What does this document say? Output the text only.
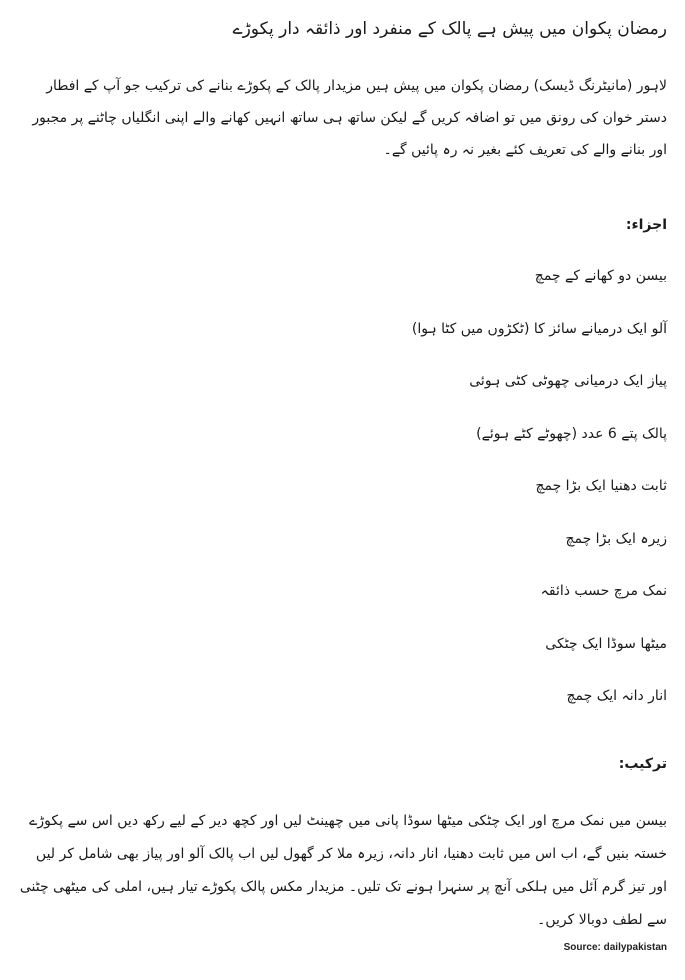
رمضان پکوان میں پیش ہے پالک کے منفرد اور ذائقہ دار پکوڑے

لاہور (مانیٹرنگ ڈیسک) رمضان پکوان میں پیش ہیں مزیدار پالک کے پکوڑے بنانے کی ترکیب جو آپ کے افطار دستر خوان کی رونق میں تو اضافہ کریں گے لیکن ساتھ ہی ساتھ انہیں کھانے والے اپنی انگلیاں چاٹنے پر مجبور اور بنانے والے کی تعریف کئے بغیر نہ رہ پائیں گے۔

اجزاء:
بیسن دو کھانے کے چمچ
آلو ایک درمیانے سائز کا (ٹکڑوں میں کٹا ہوا)
پیاز ایک درمیانی چھوٹی کٹی ہوئی
پالک پتے 6 عدد (چھوٹے کٹے ہوئے)
ثابت دھنیا ایک بڑا چمچ
زیرہ ایک بڑا چمچ
نمک مرچ حسب ذائقہ
میٹھا سوڈا ایک چٹکی
انار دانہ ایک چمچ
ترکیب:

بیسن میں نمک مرچ اور ایک چٹکی میٹھا سوڈا پانی میں چھینٹ لیں اور کچھ دیر کے لیے رکھ دیں اس سے پکوڑے خستہ بنیں گے، اب اس میں ثابت دھنیا، انار دانہ، زیرہ ملا کر گھول لیں اب پالک آلو اور پیاز بھی شامل کر لیں اور تیز گرم آئل میں ہلکی آنچ پر سنہرا ہونے تک تلیں۔ مزیدار مکس پالک پکوڑے تیار ہیں، املی کی میٹھی چٹنی سے لطف دوبالا کریں۔

Source: dailypakistan
